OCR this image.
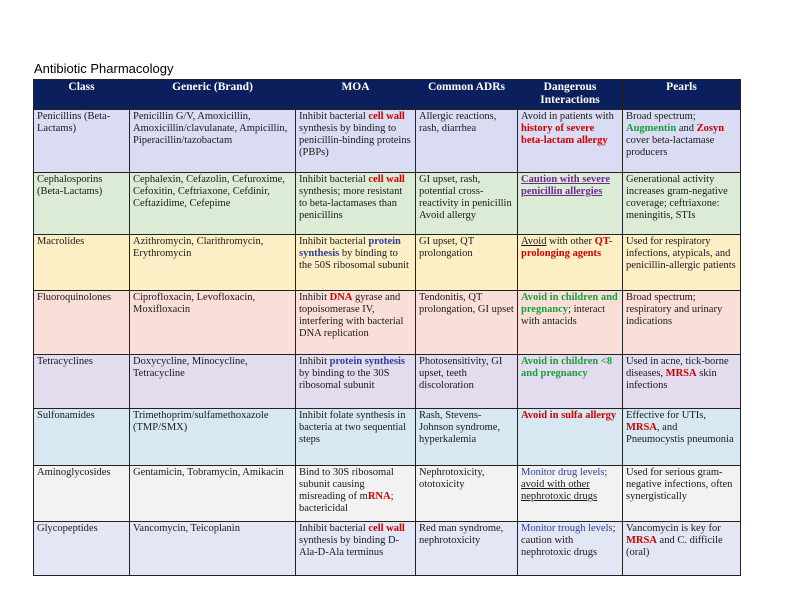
Antibiotic Pharmacology
Class	Generic (Brand)	MOA	Common ADRs	Dangerous Interactions	Pearls
Penicillins (Beta-Lactams)	Penicillin G/V, Amoxicillin, Amoxicillin/clavulanate, Ampicillin, Piperacillin/tazobactam	Inhibit bacterial cell wall synthesis by binding to penicillin-binding proteins (PBPs)	Allergic reactions, rash, diarrhea	Avoid in patients with history of severe beta-lactam allergy	Broad spectrum; Augmentin and Zosyn cover beta-lactamase producers
Cephalosporins (Beta-Lactams)	Cephalexin, Cefazolin, Cefuroxime, Cefoxitin, Ceftriaxone, Cefdinir, Ceftazidime, Cefepime	Inhibit bacterial cell wall synthesis; more resistant to beta-lactamases than penicillins	GI upset, rash, potential cross-reactivity in penicillin Avoid allergy	Caution with severe penicillin allergies	Generational activity increases gram-negative coverage; ceftriaxone: meningitis, STIs
Macrolides	Azithromycin, Clarithromycin, Erythromycin	Inhibit bacterial protein synthesis by binding to the 50S ribosomal subunit	GI upset, QT prolongation	Avoid with other QT-prolonging agents	Used for respiratory infections, atypicals, and penicillin-allergic patients
Fluoroquinolones	Ciprofloxacin, Levofloxacin, Moxifloxacin	Inhibit DNA gyrase and topoisomerase IV, interfering with bacterial DNA replication	Tendonitis, QT prolongation, GI upset	Avoid in children and pregnancy; interact with antacids	Broad spectrum; respiratory and urinary indications
Tetracyclines	Doxycycline, Minocycline, Tetracycline	Inhibit protein synthesis by binding to the 30S ribosomal subunit	Photosensitivity, GI upset, teeth discoloration	Avoid in children <8 and pregnancy	Used in acne, tick-borne diseases, MRSA skin infections
Sulfonamides	Trimethoprim/sulfamethoxazole (TMP/SMX)	Inhibit folate synthesis in bacteria at two sequential steps	Rash, Stevens-Johnson syndrome, hyperkalemia	Avoid in sulfa allergy	Effective for UTIs, MRSA, and Pneumocystis pneumonia
Aminoglycosides	Gentamicin, Tobramycin, Amikacin	Bind to 30S ribosomal subunit causing misreading of mRNA; bactericidal	Nephrotoxicity, ototoxicity	Monitor drug levels; avoid with other nephrotoxic drugs	Used for serious gram-negative infections, often synergistically
Glycopeptides	Vancomycin, Teicoplanin	Inhibit bacterial cell wall synthesis by binding D-Ala-D-Ala terminus	Red man syndrome, nephrotoxicity	Monitor trough levels; caution with nephrotoxic drugs	Vancomycin is key for MRSA and C. difficile (oral)
